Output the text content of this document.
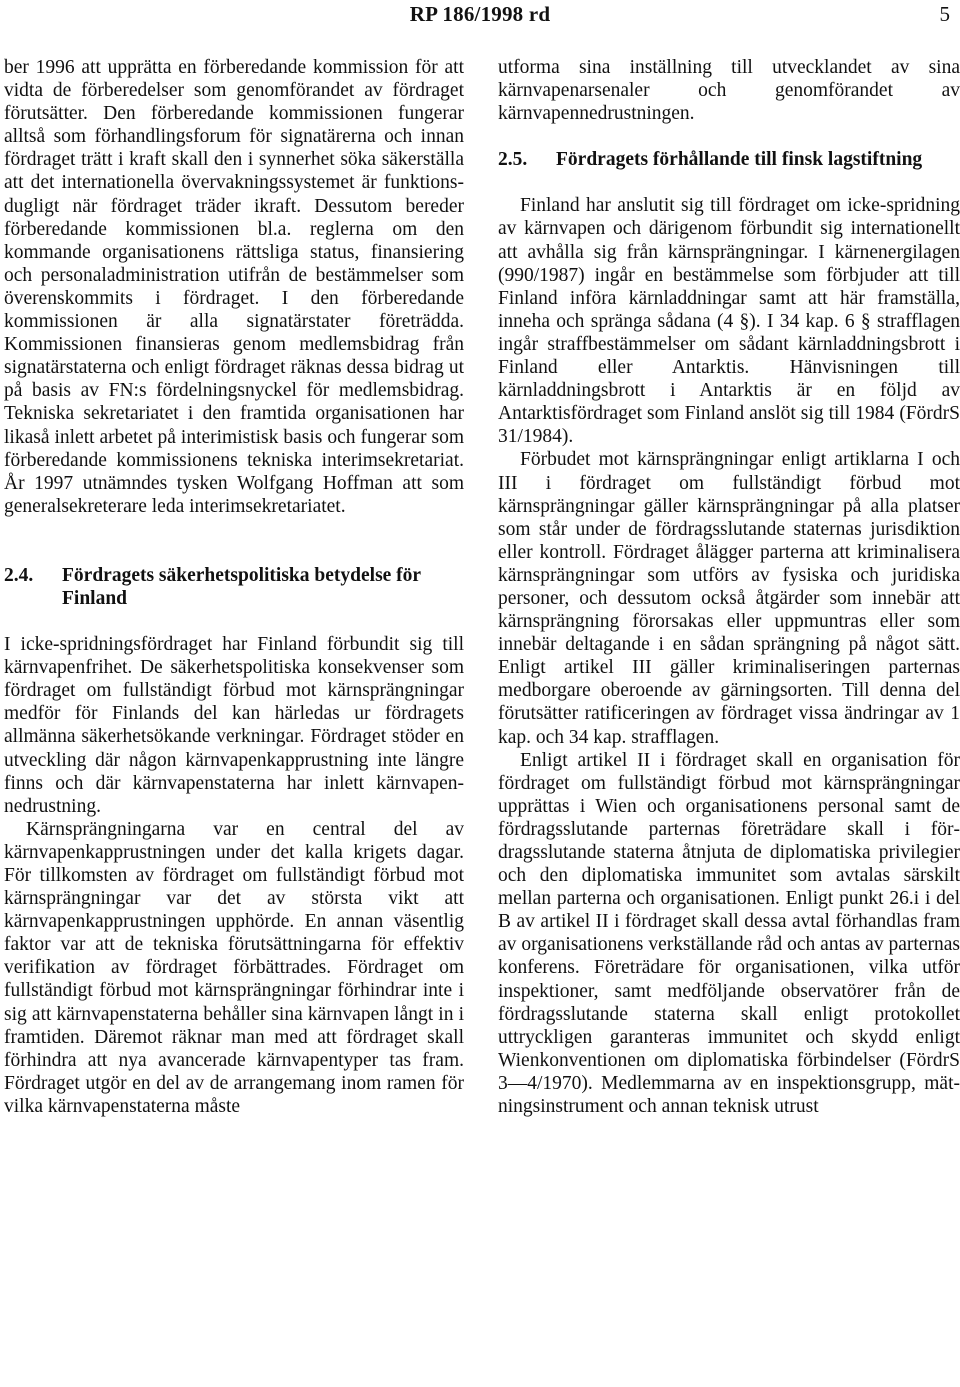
RP 186/1998 rd	5

ber 1996 att upprätta en förberedande kommission för att vidta de förberedelser som genomförandet av fördraget förutsätter. Den förberedande kommissionen fungerar alltså som förhandlingsforum för signatärerna och innan fördraget trätt i kraft skall den i synnerhet söka säkerställa att det internationella övervakningssystemet är funktionsdugligt när fördraget träder ikraft. Dessutom bereder förberedande kommissionen bl.a. reglerna om den kommande organisationens rättsliga status, finansiering och personaladministration utifrån de bestämmelser som överenskommits i fördraget. I den förberedande kommissionen är alla signatärstater företrädda. Kommissionen finansieras genom medlemsbidrag från signatärstaterna och enligt fördraget räknas dessa bidrag ut på basis av FN:s fördelningsnyckel för medlemsbidrag. Tekniska sekretariatet i den framtida organisationen har likaså inlett arbetet på interimistisk basis och fungerar som förberedande kommissionens tekniska interimsekretariat. År 1997 utnämndes tysken Wolfgang Hoffman att som generalsekreterare leda interimsekretariatet.

2.4.	Fördragets säkerhetspolitiska betydelse för Finland

I icke-spridningsfördraget har Finland förbundit sig till kärnvapenfrihet. De säkerhetspolitiska konsekvenser som fördraget om fullständigt förbud mot kärnsprängningar medför för Finlands del kan härledas ur fördragets allmänna säkerhetsökande verkningar. Fördraget stöder en utveckling där någon kärnvapenkapprustning inte längre finns och där kärnvapenstaterna har inlett kärnvapennedrustning.

Kärnsprängningarna var en central del av kärnvapenkapprustningen under det kalla krigets dagar. För tillkomsten av fördraget om fullständigt förbud mot kärnsprängningar var det av största vikt att kärnvapenkapprustningen upphörde. En annan väsentlig faktor var att de tekniska förutsättningarna för effektiv verifikation av fördraget förbättrades. Fördraget om fullständigt förbud mot kärnsprängningar förhindrar inte i sig att kärnvapenstaterna behåller sina kärnvapen långt in i framtiden. Däremot räknar man med att fördraget skall förhindra att nya avancerade kärnvapentyper tas fram. Fördraget utgör en del av de arrangemang inom ramen för vilka kärnvapenstaterna måste

utforma sina inställning till utvecklandet av sina kärnvapenarsenaler och genomförandet av kärnvapennedrustningen.

2.5.	Fördragets förhållande till finsk lagstiftning

Finland har anslutit sig till fördraget om icke-spridning av kärnvapen och därigenom förbundit sig internationellt att avhålla sig från kärnsprängningar. I kärnenergilagen (990/1987) ingår en bestämmelse som förbjuder att till Finland införa kärnladdningar samt att här framställa, inneha och spränga sådana (4 §). I 34 kap. 6 § strafflagen ingår straffbestämmelser om sådant kärnladdningsbrott i Finland eller Antarktis. Hänvisningen till kärnladdningsbrott i Antarktis är en följd av Antarktisfördraget som Finland anslöt sig till 1984 (FördrS 31/1984).

Förbudet mot kärnsprängningar enligt artiklarna I och III i fördraget om fullständigt förbud mot kärnsprängningar gäller kärnsprängningar på alla platser som står under de fördragsslutande staternas jurisdiktion eller kontroll. Fördraget ålägger parterna att kriminalisera kärnsprängningar som utförs av fysiska och juridiska personer, och dessutom också åtgärder som innebär att kärnsprängning förorsakas eller uppmuntras eller som innebär deltagande i en sådan sprängning på något sätt. Enligt artikel III gäller kriminaliseringen parternas medborgare oberoende av gärningsorten. Till denna del förutsätter ratificeringen av fördraget vissa ändringar av 1 kap. och 34 kap. strafflagen.

Enligt artikel II i fördraget skall en organisation för fördraget om fullständigt förbud mot kärnsprängningar upprättas i Wien och organisationens personal samt de fördragsslutande parternas företrädare skall i fördragsslutande staterna åtnjuta de diplomatiska privilegier och den diplomatiska immunitet som avtalas särskilt mellan parterna och organisationen. Enligt punkt 26.i i del B av artikel II i fördraget skall dessa avtal förhandlas fram av organisationens verkställande råd och antas av parternas konferens. Företrädare för organisationen, vilka utför inspektioner, samt medföljande observatörer från de fördragsslutande staterna skall enligt protokollet uttryckligen garanteras immunitet och skydd enligt Wienkonventionen om diplomatiska förbindelser (FördrS 3—4/1970). Medlemmarna av en inspektionsgrupp, mätningsinstrument och annan teknisk utrust
